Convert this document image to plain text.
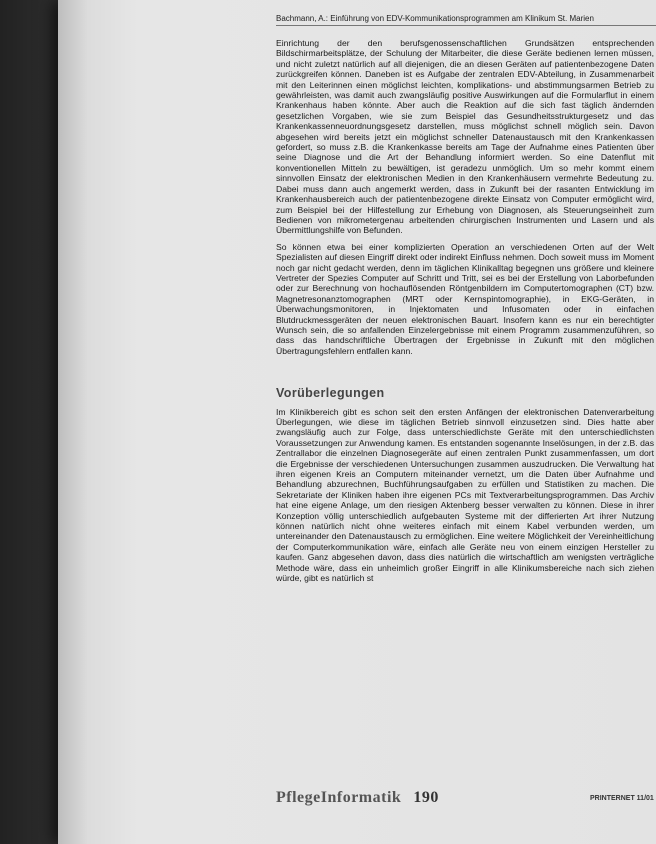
Bachmann, A.: Einführung von EDV-Kommunikationsprogrammen am Klinikum St. Marien

Einrichtung der den berufsgenossenschaftlichen Grundsätzen entsprechenden Bildschirmarbeitsplätze, der Schulung der Mitarbeiter, die diese Geräte bedienen lernen müssen, und nicht zuletzt natürlich auf all diejenigen, die an diesen Geräten auf patientenbezogene Daten zurückgreifen können. Daneben ist es Aufgabe der zentralen EDV-Abteilung, in Zusammenarbeit mit den Leiterinnen einen möglichst leichten, komplikations- und abstimmungsarmen Betrieb zu gewährleisten, was damit auch zwangsläufig positive Auswirkungen auf die Formularflut in einem Krankenhaus haben könnte. Aber auch die Reaktion auf die sich fast täglich ändernden gesetzlichen Vorgaben, wie sie zum Beispiel das Gesundheitsstrukturgesetz und das Krankenkassenneuordnungsgesetz darstellen, muss möglichst schnell möglich sein. Davon abgesehen wird bereits jetzt ein möglichst schneller Datenaustausch mit den Krankenkassen gefordert, so muss z.B. die Krankenkasse bereits am Tage der Aufnahme eines Patienten über seine Diagnose und die Art der Behandlung informiert werden. So eine Datenflut mit konventionellen Mitteln zu bewältigen, ist geradezu unmöglich. Um so mehr kommt einem sinnvollen Einsatz der elektronischen Medien in den Krankenhäusern vermehrte Bedeutung zu. Dabei muss dann auch angemerkt werden, dass in Zukunft bei der rasanten Entwicklung im Krankenhausbereich auch der patientenbezogene direkte Einsatz von Computer ermöglicht wird, zum Beispiel bei der Hilfestellung zur Erhebung von Diagnosen, als Steuerungseinheit zum Bedienen von mikrometergenau arbeitenden chirurgischen Instrumenten und Lasern und als Übermittlungshilfe von Befunden.

So können etwa bei einer komplizierten Operation an verschiedenen Orten auf der Welt Spezialisten auf diesen Eingriff direkt oder indirekt Einfluss nehmen. Doch soweit muss im Moment noch gar nicht gedacht werden, denn im täglichen Klinikalltag begegnen uns größere und kleinere Vertreter der Spezies Computer auf Schritt und Tritt, sei es bei der Erstellung von Laborbefunden oder zur Berechnung von hochauflösenden Röntgenbildern im Computertomographen (CT) bzw. Magnetresonanztomographen (MRT oder Kernspintomographie), in EKG-Geräten, in Überwachungsmonitoren, in Injektomaten und Infusomaten oder in einfachen Blutdruckmessgeräten der neuen elektronischen Bauart. Insofern kann es nur ein berechtigter Wunsch sein, die so anfallenden Einzelergebnisse mit einem Programm zusammenzuführen, so dass das handschriftliche Übertragen der Ergebnisse in Zukunft mit den möglichen Übertragungsfehlern entfallen kann.

Vorüberlegungen

Im Klinikbereich gibt es schon seit den ersten Anfängen der elektronischen Datenverarbeitung Überlegungen, wie diese im täglichen Betrieb sinnvoll einzusetzen sind. Dies hatte aber zwangsläufig auch zur Folge, dass unterschiedlichste Geräte mit den unterschiedlichsten Voraussetzungen zur Anwendung kamen. Es entstanden sogenannte Inselösungen, in der z.B. das Zentrallabor die einzelnen Diagnosegeräte auf einen zentralen Punkt zusammenfassen, um dort die Ergebnisse der verschiedenen Untersuchungen zusammen auszudrucken. Die Verwaltung hat ihren eigenen Kreis an Computern miteinander vernetzt, um die Daten über Aufnahme und Behandlung abzurechnen, Buchführungsaufgaben zu erfüllen und Statistiken zu machen. Die Sekretariate der Kliniken haben ihre eigenen PCs mit Textverarbeitungsprogrammen. Das Archiv hat eine eigene Anlage, um den riesigen Aktenberg besser verwalten zu können. Diese in ihrer Konzeption völlig unterschiedlich aufgebauten Systeme mit der differierten Art ihrer Nutzung können natürlich nicht ohne weiteres einfach mit einem Kabel verbunden werden, um untereinander den Datenaustausch zu ermöglichen. Eine weitere Möglichkeit der Vereinheitlichung der Computerkommunikation wäre, einfach alle Geräte neu von einem einzigen Hersteller zu kaufen. Ganz abgesehen davon, dass dies natürlich die wirtschaftlich am wenigsten verträgliche Methode wäre, dass ein unheimlich großer Eingriff in alle Klinikumsbereiche nach sich ziehen würde, gibt es natürlich st

PflegeInformatik 190	PRINTERNET 11/01
